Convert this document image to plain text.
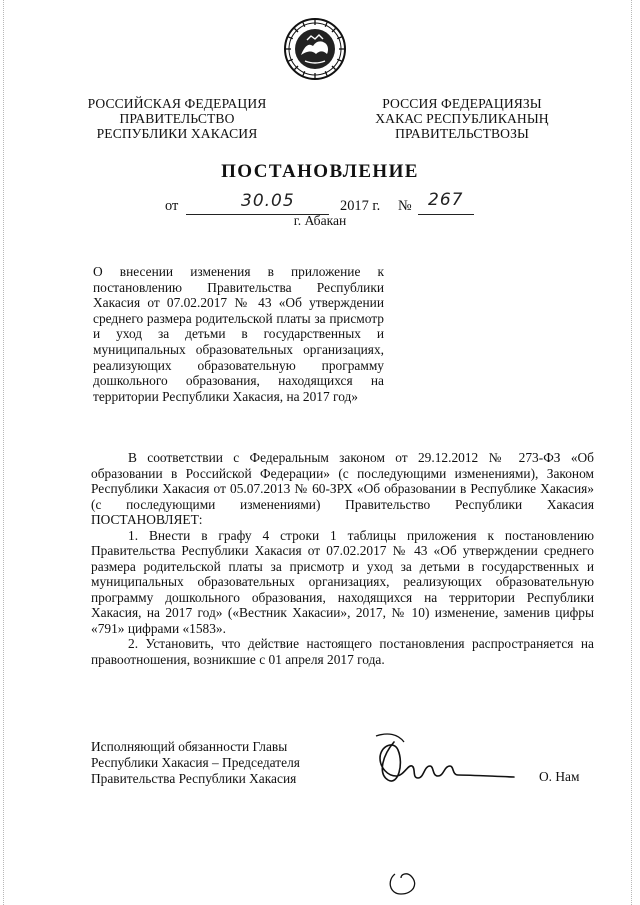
РОССИЙСКАЯ ФЕДЕРАЦИЯ
ПРАВИТЕЛЬСТВО
РЕСПУБЛИКИ ХАКАСИЯ
РОССИЯ ФЕДЕРАЦИЯЗЫ
ХАКАС РЕСПУБЛИКАНЫҢ
ПРАВИТЕЛЬСТВОЗЫ
ПОСТАНОВЛЕНИЕ
от	30.05	2017 г. № 267
г. Абакан
О внесении изменения в приложение к постановлению Правительства Республики Хакасия от 07.02.2017 № 43 «Об утверждении среднего размера родительской платы за присмотр и уход за детьми в государственных и муниципальных образовательных организациях, реализующих образовательную программу дошкольного образования, находящихся на территории Республики Хакасия, на 2017 год»

В соответствии с Федеральным законом от 29.12.2012 № 273-ФЗ «Об образовании в Российской Федерации» (с последующими изменениями), Законом Республики Хакасия от 05.07.2013 № 60-ЗРХ «Об образовании в Республике Хакасия» (с последующими изменениями) Правительство Республики Хакасия ПОСТАНОВЛЯЕТ:

1. Внести в графу 4 строки 1 таблицы приложения к постановлению Правительства Республики Хакасия от 07.02.2017 № 43 «Об утверждении среднего размера родительской платы за присмотр и уход за детьми в государственных и муниципальных образовательных организациях, реализующих образовательную программу дошкольного образования, находящихся на территории Республики Хакасия, на 2017 год» («Вестник Хакасии», 2017, № 10) изменение, заменив цифры «791» цифрами «1583».

2. Установить, что действие настоящего постановления распространяется на правоотношения, возникшие с 01 апреля 2017 года.

Исполняющий обязанности Главы
Республики Хакасия – Председателя
Правительства Республики Хакасия	О. Нам
